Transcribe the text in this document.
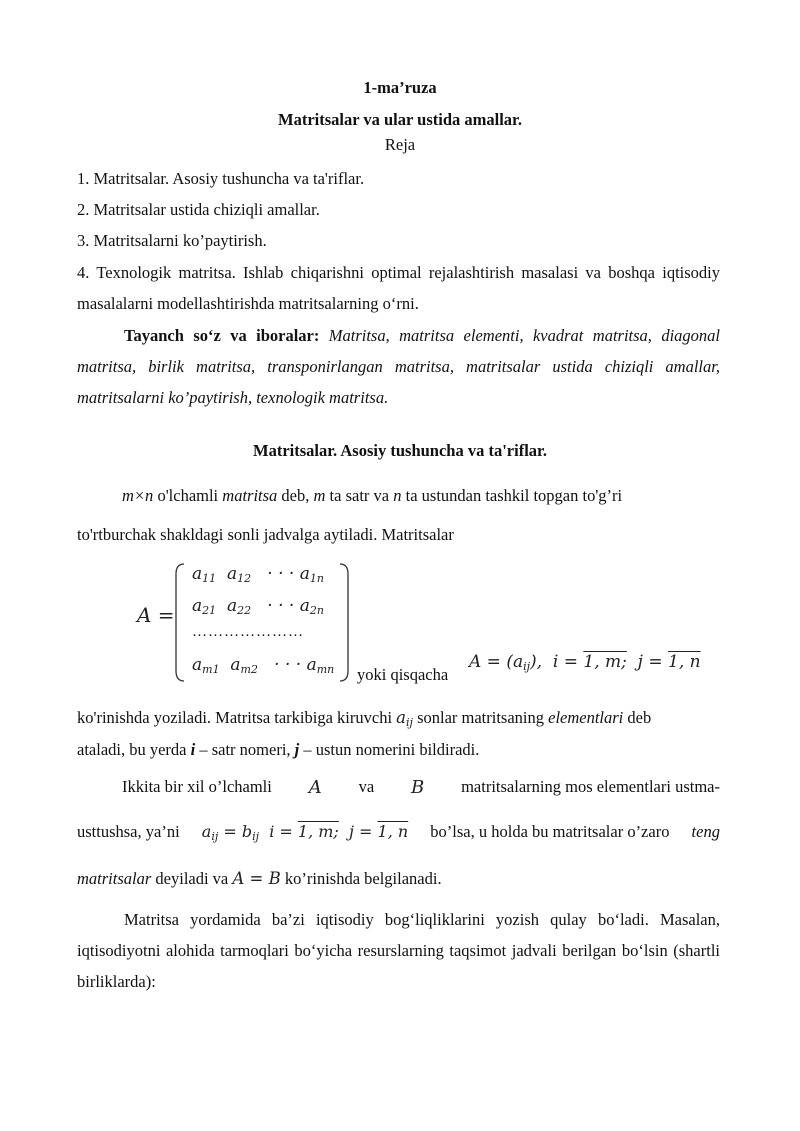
1-ma’ruza
Matritsalar va ular ustida amallar.
Reja
1. Matritsalar. Asosiy tushuncha va ta'riflar.
2. Matritsalar ustida chiziqli amallar.
3. Matritsalarni ko’paytirish.
4. Texnologik matritsa. Ishlab chiqarishni optimal rejalashtirish masalasi va boshqa iqtisodiy masalalarni modellashtirishda matritsalarning o‘rni.
Tayanch so‘z va iboralar: Matritsa, matritsa elementi, kvadrat matritsa, diagonal matritsa, birlik matritsa, transponirlangan matritsa, matritsalar ustida chiziqli amallar, matritsalarni ko’paytirish, texnologik matritsa.
Matritsalar. Asosiy tushuncha va ta'riflar.
m×n o'lchamli matritsa deb, m ta satr va n ta ustundan tashkil topgan to'g’ri
to'rtburchak shakldagi sonli jadvalga aytiladi. Matritsalar
A =
$a_{11}$  $a_{12}$   · · · $a_{1n}$
$a_{21}$  $a_{22}$   · · · $a_{2n}$
…………………
$a_{m1}$  $a_{m2}$   · · · $a_{mn}$ yoki qisqacha
$A = (a_{ij})$,  i = 1, m;  j = 1, n
ko'rinishda yoziladi. Matritsa tarkibiga kiruvchi $a_{ij}$ sonlar matritsaning elementlari deb
ataladi, bu yerda i – satr nomeri, j – ustun nomerini bildiradi.
Ikkita bir xil o’lchamli A va B matritsalarning mos elementlari ustma-
usttushsa, ya’ni $a_{ij} = b_{ij}$  i = 1, m;  j = 1, n bo’lsa, u holda bu matritsalar o’zaro teng
matritsalar deyiladi va A = B ko’rinishda belgilanadi.
Matritsa yordamida ba’zi iqtisodiy bog‘liqliklarini yozish qulay bo‘ladi. Masalan, iqtisodiyotni alohida tarmoqlari bo‘yicha resurslarning taqsimot jadvali berilgan bo‘lsin (shartli birliklarda):
